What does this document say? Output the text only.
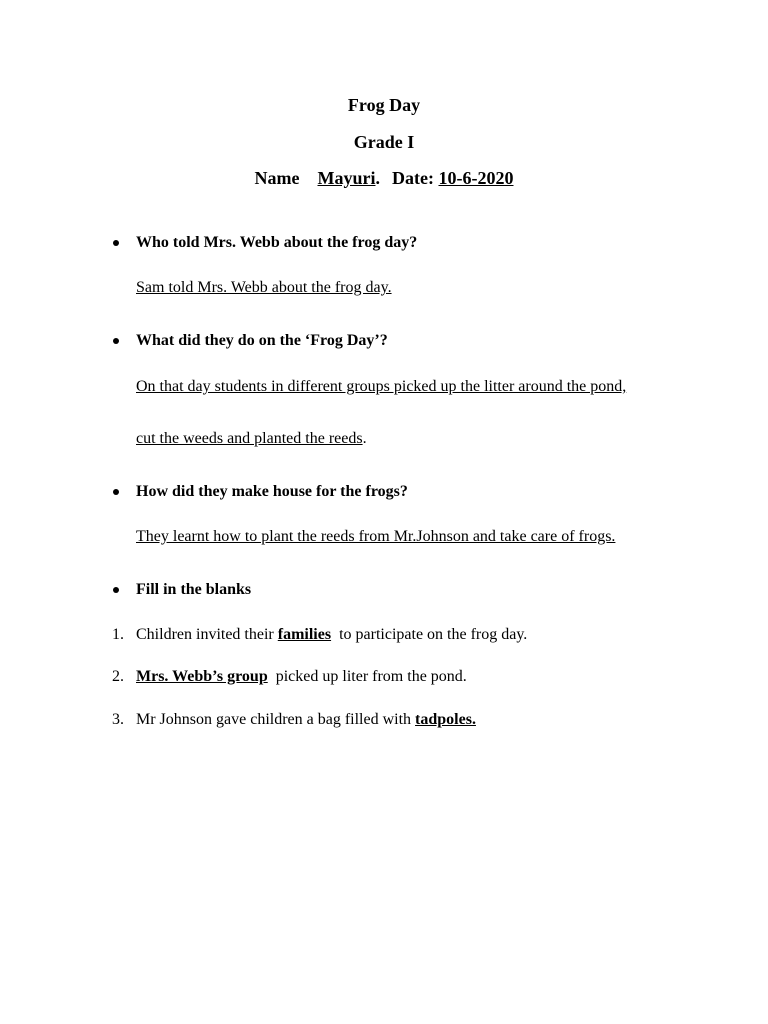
Frog Day
Grade I
Name Mayuri. Date: 10-6-2020
Who told Mrs. Webb about the frog day?
Sam told Mrs. Webb about the frog day.
What did they do on the ‘Frog Day’?
On that day students in different groups picked up the litter around the pond,
cut the weeds and planted the reeds.
How did they make house for the frogs?
They learnt how to plant the reeds from Mr.Johnson and take care of frogs.
Fill in the blanks
1. Children invited their families  to participate on the frog day.
2. Mrs. Webb’s group  picked up liter from the pond.
3. Mr Johnson gave children a bag filled with tadpoles.
